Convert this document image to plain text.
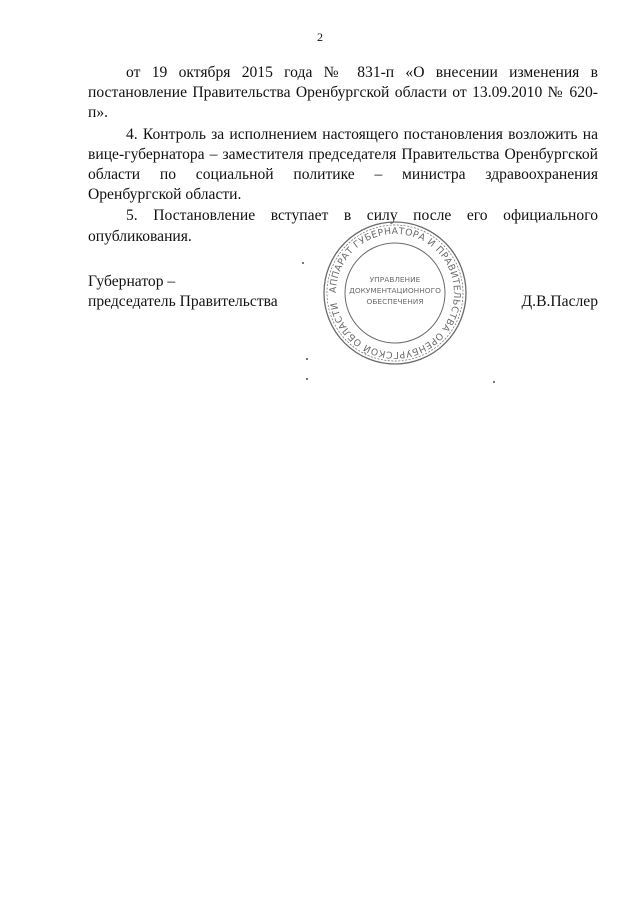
2

от 19 октября 2015 года № 831-п «О внесении изменения в постановление Правительства Оренбургской области от 13.09.2010 № 620-п».

4. Контроль за исполнением настоящего постановления возложить на вице-губернатора – заместителя председателя Правительства Оренбургской области по социальной политике – министра здравоохранения Оренбургской области.

5. Постановление вступает в силу после его официального опубликования.

Губернатор –
председатель Правительства	Д.В.Паслер
АППАРАТ ГУБЕРНАТОРА И ПРАВИТЕЛЬСТВА ОРЕНБУРГСКОЙ ОБЛАСТИ
УПРАВЛЕНИЕ
ДОКУМЕНТАЦИОННОГО
ОБЕСПЕЧЕНИЯ
